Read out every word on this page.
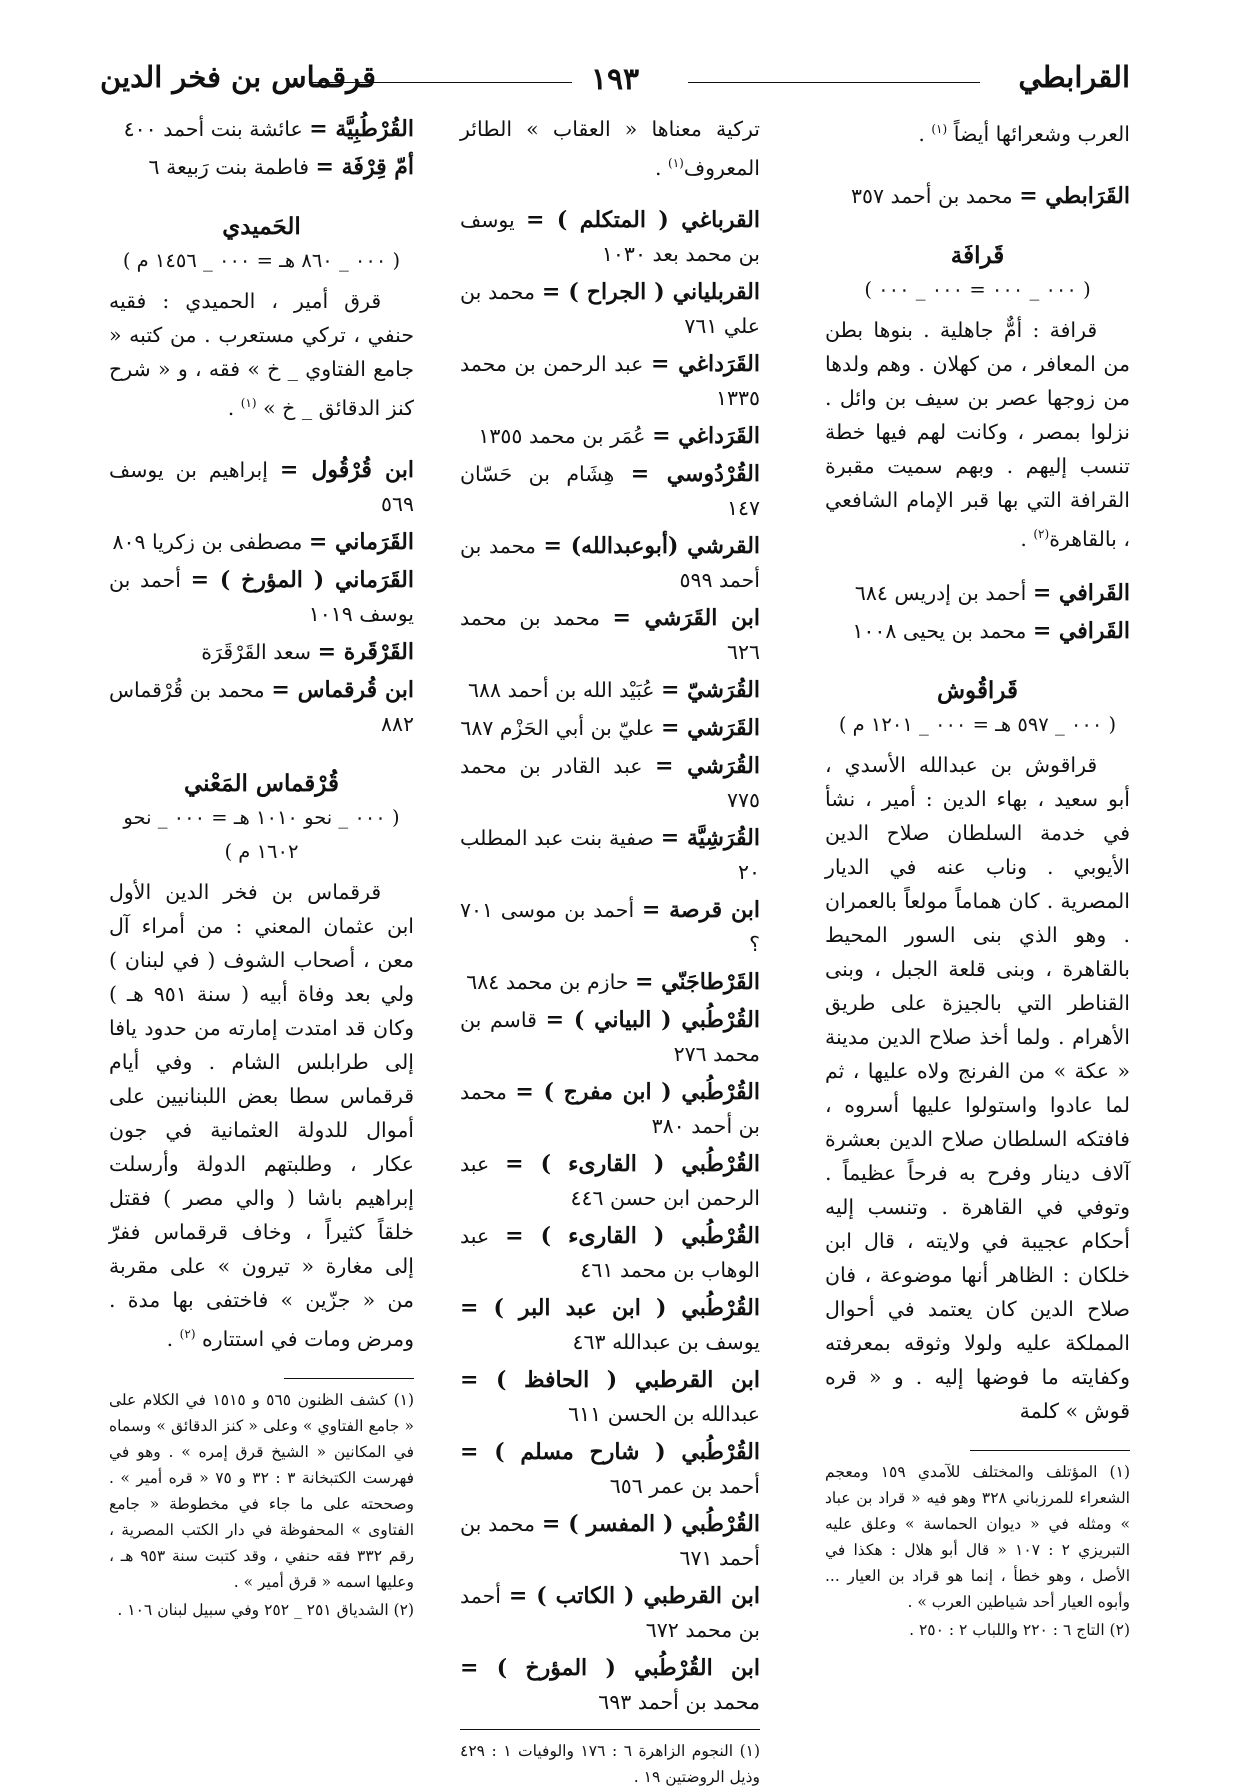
القرابطي
١٩٣
قرقماس بن فخر الدين

العرب وشعرائها أيضاً $^{(١)}$ .

القَرَابطي = محمد بن أحمد ٣٥٧
قَرافَة
( ٠٠٠ _ ٠٠٠ = ٠٠٠ _ ٠٠٠ )

قرافة : أمٌّ جاهلية . بنوها بطن من المعافر ، من كهلان . وهم ولدها من زوجها عصر بن سيف بن وائل . نزلوا بمصر ، وكانت لهم فيها خطة تنسب إليهم . وبهم سميت مقبرة القرافة التي بها قبر الإمام الشافعي ، بالقاهرة$^{(٢)}$ .

القَرافي = أحمد بن إدريس ٦٨٤
القَرافي = محمد بن يحيى ١٠٠٨
قَراقُوش
( ٠٠٠ _ ٥٩٧ هـ = ٠٠٠ _ ١٢٠١ م )

قراقوش بن عبدالله الأسدي ، أبو سعيد ، بهاء الدين : أمير ، نشأ في خدمة السلطان صلاح الدين الأيوبي . وناب عنه في الديار المصرية . كان هماماً مولعاً بالعمران . وهو الذي بنى السور المحيط بالقاهرة ، وبنى قلعة الجبل ، وبنى القناطر التي بالجيزة على طريق الأهرام . ولما أخذ صلاح الدين مدينة « عكة » من الفرنج ولاه عليها ، ثم لما عادوا واستولوا عليها أسروه ، فافتكه السلطان صلاح الدين بعشرة آلاف دينار وفرح به فرحاً عظيماً . وتوفي في القاهرة . وتنسب إليه أحكام عجيبة في ولايته ، قال ابن خلكان : الظاهر أنها موضوعة ، فان صلاح الدين كان يعتمد في أحوال المملكة عليه ولولا وثوقه بمعرفته وكفايته ما فوضها إليه . و « قره قوش » كلمة

(١) المؤتلف والمختلف للآمدي ١٥٩ ومعجم الشعراء للمرزباني ٣٢٨ وهو فيه « قراد بن عباد » ومثله في « ديوان الحماسة » وعلق عليه التبريزي ٢ : ١٠٧ « قال أبو هلال : هكذا في الأصل ، وهو خطأ ، إنما هو قراد بن العيار ... وأبوه العيار أحد شياطين العرب » .

(٢) التاج ٦ : ٢٢٠ واللباب ٢ : ٢٥٠ .

تركية معناها « العقاب » الطائر المعروف$^{(١)}$ .

القرباغي ( المتكلم ) = يوسف بن محمد بعد ١٠٣٠
القربلياني ( الجراح ) = محمد بن علي ٧٦١
القَرَداغي = عبد الرحمن بن محمد ١٣٣٥
القَرَداغي = عُمَر بن محمد ١٣٥٥
القُرْدُوسي = هِشَام بن حَسّان ١٤٧
القرشي (أبوعبدالله) = محمد بن أحمد ٥٩٩
ابن القَرَشي = محمد بن محمد ٦٢٦
القُرَشيّ = عُبَيْد الله بن أحمد ٦٨٨
القَرَشي = عليّ بن أبي الحَزْم ٦٨٧
القُرَشي = عبد القادر بن محمد ٧٧٥
القُرَشِيَّة = صفية بنت عبد المطلب ٢٠
ابن قرصة = أحمد بن موسى ٧٠١ ؟
القَرْطاجَنّي = حازم بن محمد ٦٨٤
القُرْطُبي ( البياني ) = قاسم بن محمد ٢٧٦
القُرْطُبي ( ابن مفرج ) = محمد بن أحمد ٣٨٠
القُرْطُبي ( القارىء ) = عبد الرحمن ابن حسن ٤٤٦
القُرْطُبي ( القارىء ) = عبد الوهاب بن محمد ٤٦١
القُرْطُبي ( ابن عبد البر ) = يوسف بن عبدالله ٤٦٣
ابن القرطبي ( الحافظ ) = عبدالله بن الحسن ٦١١
القُرْطُبي ( شارح مسلم ) = أحمد بن عمر ٦٥٦
القُرْطُبي ( المفسر ) = محمد بن أحمد ٦٧١
ابن القرطبي ( الكاتب ) = أحمد بن محمد ٦٧٢
ابن القُرْطُبي ( المؤرخ ) = محمد بن أحمد ٦٩٣

(١) النجوم الزاهرة ٦ : ١٧٦ والوفيات ١ : ٤٢٩ وذيل الروضتين ١٩ .

القُرْطُبِيَّة = عائشة بنت أحمد ٤٠٠
أمّ قِرْفَة = فاطمة بنت رَبيعة ٦
الحَميدي
( ٠٠٠ _ ٨٦٠ هـ = ٠٠٠ _ ١٤٥٦ م )

قرق أمير ، الحميدي : فقيه حنفي ، تركي مستعرب . من كتبه « جامع الفتاوي _ خ » فقه ، و « شرح كنز الدقائق _ خ » $^{(١)}$ .

ابن قُرْقُول = إبراهيم بن يوسف ٥٦٩
القَرَماني = مصطفى بن زكريا ٨٠٩
القَرَماني ( المؤرخ ) = أحمد بن يوسف ١٠١٩
القَرْقَرة = سعد القَرْقَرَة
ابن قُرقماس = محمد بن قُرْقماس ٨٨٢
قُرْقماس المَعْني
( ٠٠٠ _ نحو ١٠١٠ هـ = ٠٠٠ _ نحو ١٦٠٢ م )

قرقماس بن فخر الدين الأول ابن عثمان المعني : من أمراء آل معن ، أصحاب الشوف ( في لبنان ) ولي بعد وفاة أبيه ( سنة ٩٥١ هـ ) وكان قد امتدت إمارته من حدود يافا إلى طرابلس الشام . وفي أيام قرقماس سطا بعض اللبنانيين على أموال للدولة العثمانية في جون عكار ، وطلبتهم الدولة وأرسلت إبراهيم باشا ( والي مصر ) فقتل خلقاً كثيراً ، وخاف قرقماس ففرّ إلى مغارة « تيرون » على مقربة من « جزّين » فاختفى بها مدة . ومرض ومات في استتاره $^{(٢)}$ .

(١) كشف الظنون ٥٦٥ و ١٥١٥ في الكلام على « جامع الفتاوي » وعلى « كنز الدقائق » وسماه في المكانين « الشيخ قرق إمره » . وهو في فهرست الكتبخانة ٣ : ٣٢ و ٧٥ « قره أمير » . وصححته على ما جاء في مخطوطة « جامع الفتاوى » المحفوظة في دار الكتب المصرية ، رقم ٣٣٢ فقه حنفي ، وقد كتبت سنة ٩٥٣ هـ ، وعليها اسمه « قرق أمير » .

(٢) الشدياق ٢٥١ _ ٢٥٢ وفي سبيل لبنان ١٠٦ .
